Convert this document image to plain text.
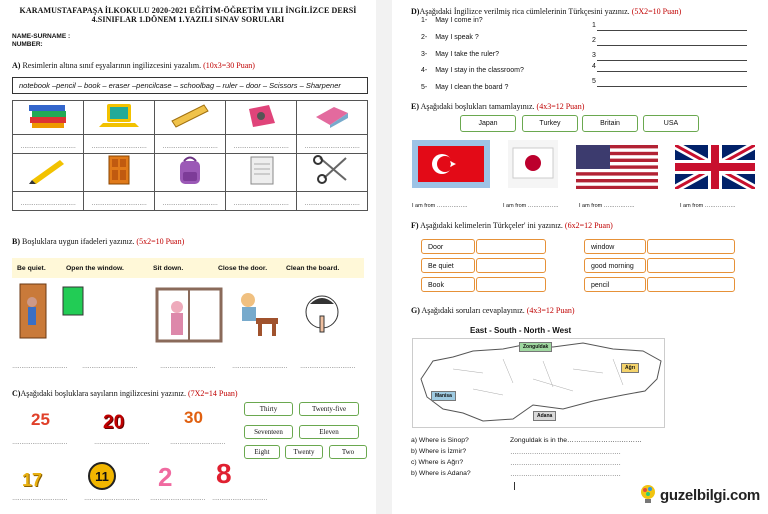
KARAMUSTAFAPAŞA İLKOKULU 2020-2021 EĞİTİM-ÖĞRETİM YILI İNGİLİZCE DERSİ
4.SINIFLAR 1.DÖNEM 1.YAZILI SINAV SORULARI
NAME-SURNAME :
NUMBER:
A) Resimlerin altına sınıf eşyalarının ingilizcesini yazalım. (10x3=30 Puan)
notebook –pencil – book – eraser –pencilcase – schoolbag – ruler – door – Scissors – Sharpener

…………………………	…………………………	…………………………	…………………………	…………………………

…………………………	…………………………	…………………………	…………………………	…………………………
B) Boşluklara uygun ifadeleri yazınız. (5x2=10 Puan)
Be quiet.	Open the window.	Sit down.	Close the door.	Clean the board.
…………………………	…………………………	…………………………	………………………… …………………………
C)Aşağıdaki boşluklara sayıların ingilizcesini yazınız. (7X2=14 Puan)
25	20	30
17	11 2 8
…………………………	…………………………	…………………………
…………………………	………………………… ………………………… …………………………
Thirty	Twenty-five
Seventeen	Eleven
Eight	Twenty	Two
D)Aşağıdaki İngilizce verilmiş rica cümlelerinin Türkçesini yazınız. (5X2=10 Puan)
1- May I come in?
2- May I speak ?
3- May I take the ruler?
4- May I stay in the classroom?
5- May I clean the board ?
1
2
3
4
5
E) Aşağıdaki boşlukları tamamlayınız. (4x3=12 Puan)
Japan	Turkey	Britain	USA
I am from ……………..	I am from ……………..	I am from ……………..	I am from ……………..
F) Aşağıdaki kelimelerin Türkçeler' ini yazınız. (6x2=12 Puan)
Door
Be quiet
Book
window
good morning
pencil
G) Aşağıdaki soruları cevaplayınız. (4x3=12 Puan)
East - South - North - West
Zonguldak
Ağrı
Manisa
Adana
a) Where is Sinop?
b) Where is İzmir?
c) Where is Ağrı?
b) Where is Adana?
Zonguldak is in the……………………………
……………………………………………
……………………………………………
……………………………………………
guzelbilgi.com
